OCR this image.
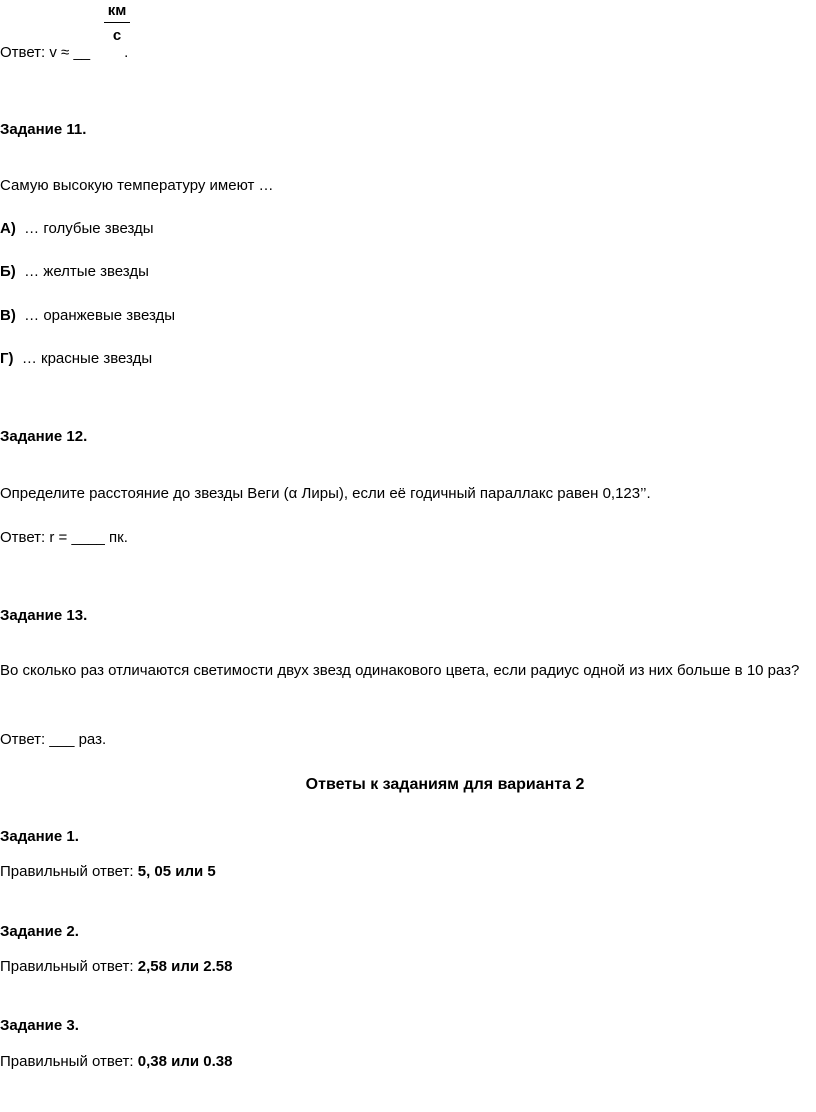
км
с
Ответ: v ≈ __ .
Задание 11.
Самую высокую температуру имеют …
А) … голубые звезды
Б) … желтые звезды
В) … оранжевые звезды
Г) … красные звезды
Задание 12.
Определите расстояние до звезды Веги (α Лиры), если её годичный параллакс равен 0,123’’.
Ответ: r = ____ пк.
Задание 13.
Во сколько раз отличаются светимости двух звезд одинакового цвета, если радиус одной из них больше в 10 раз?
Ответ: ___ раз.
Ответы к заданиям для варианта 2
Задание 1.
Правильный ответ: 5, 05 или 5
Задание 2.
Правильный ответ: 2,58 или 2.58
Задание 3.
Правильный ответ: 0,38 или 0.38
